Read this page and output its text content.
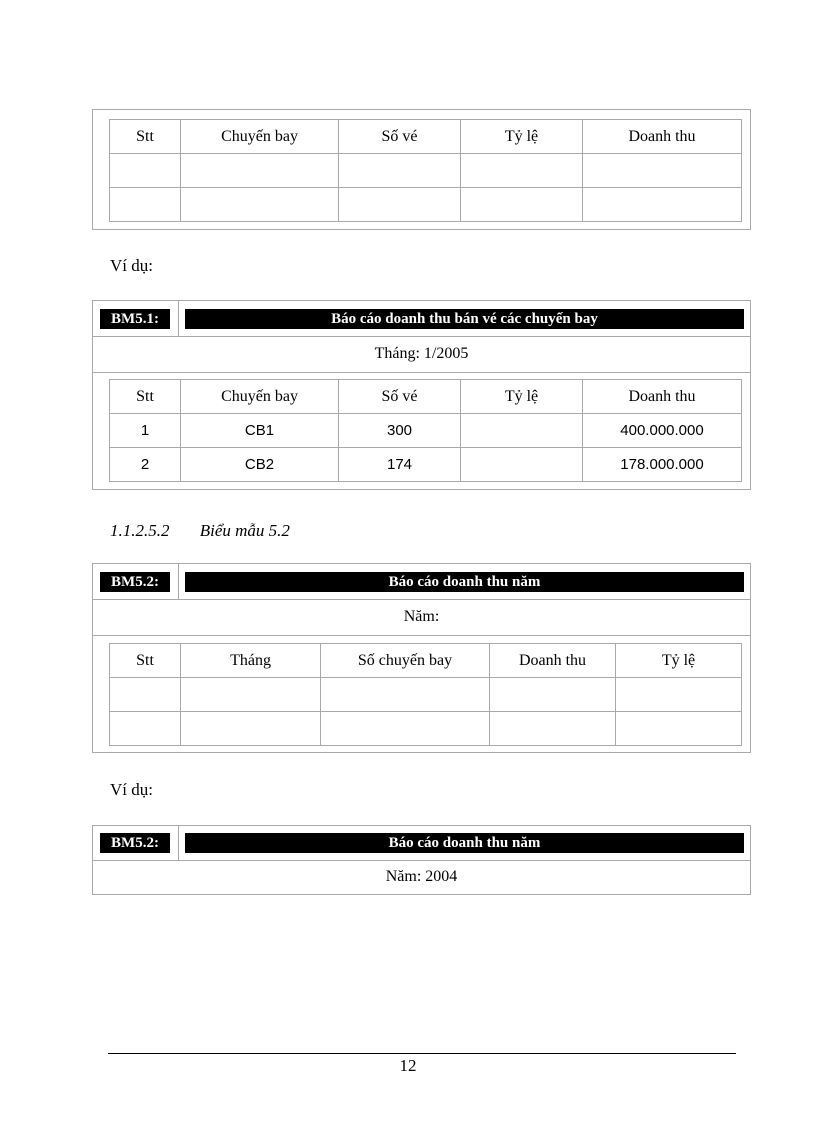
Stt	Chuyến bay	Số vé	Tỷ lệ	Doanh thu

Ví dụ:
BM5.1:	Báo cáo doanh thu bán vé các chuyến bay
Tháng: 1/2005
Stt	Chuyến bay	Số vé	Tỷ lệ	Doanh thu
1	CB1	300		400.000.000
2	CB2	174		178.000.000
1.1.2.5.2 Biểu mẫu 5.2
BM5.2:	Báo cáo doanh thu năm
Năm:
Stt	Tháng	Số chuyến bay	Doanh thu	Tỷ lệ

Ví dụ:
BM5.2:	Báo cáo doanh thu năm
Năm: 2004
12
